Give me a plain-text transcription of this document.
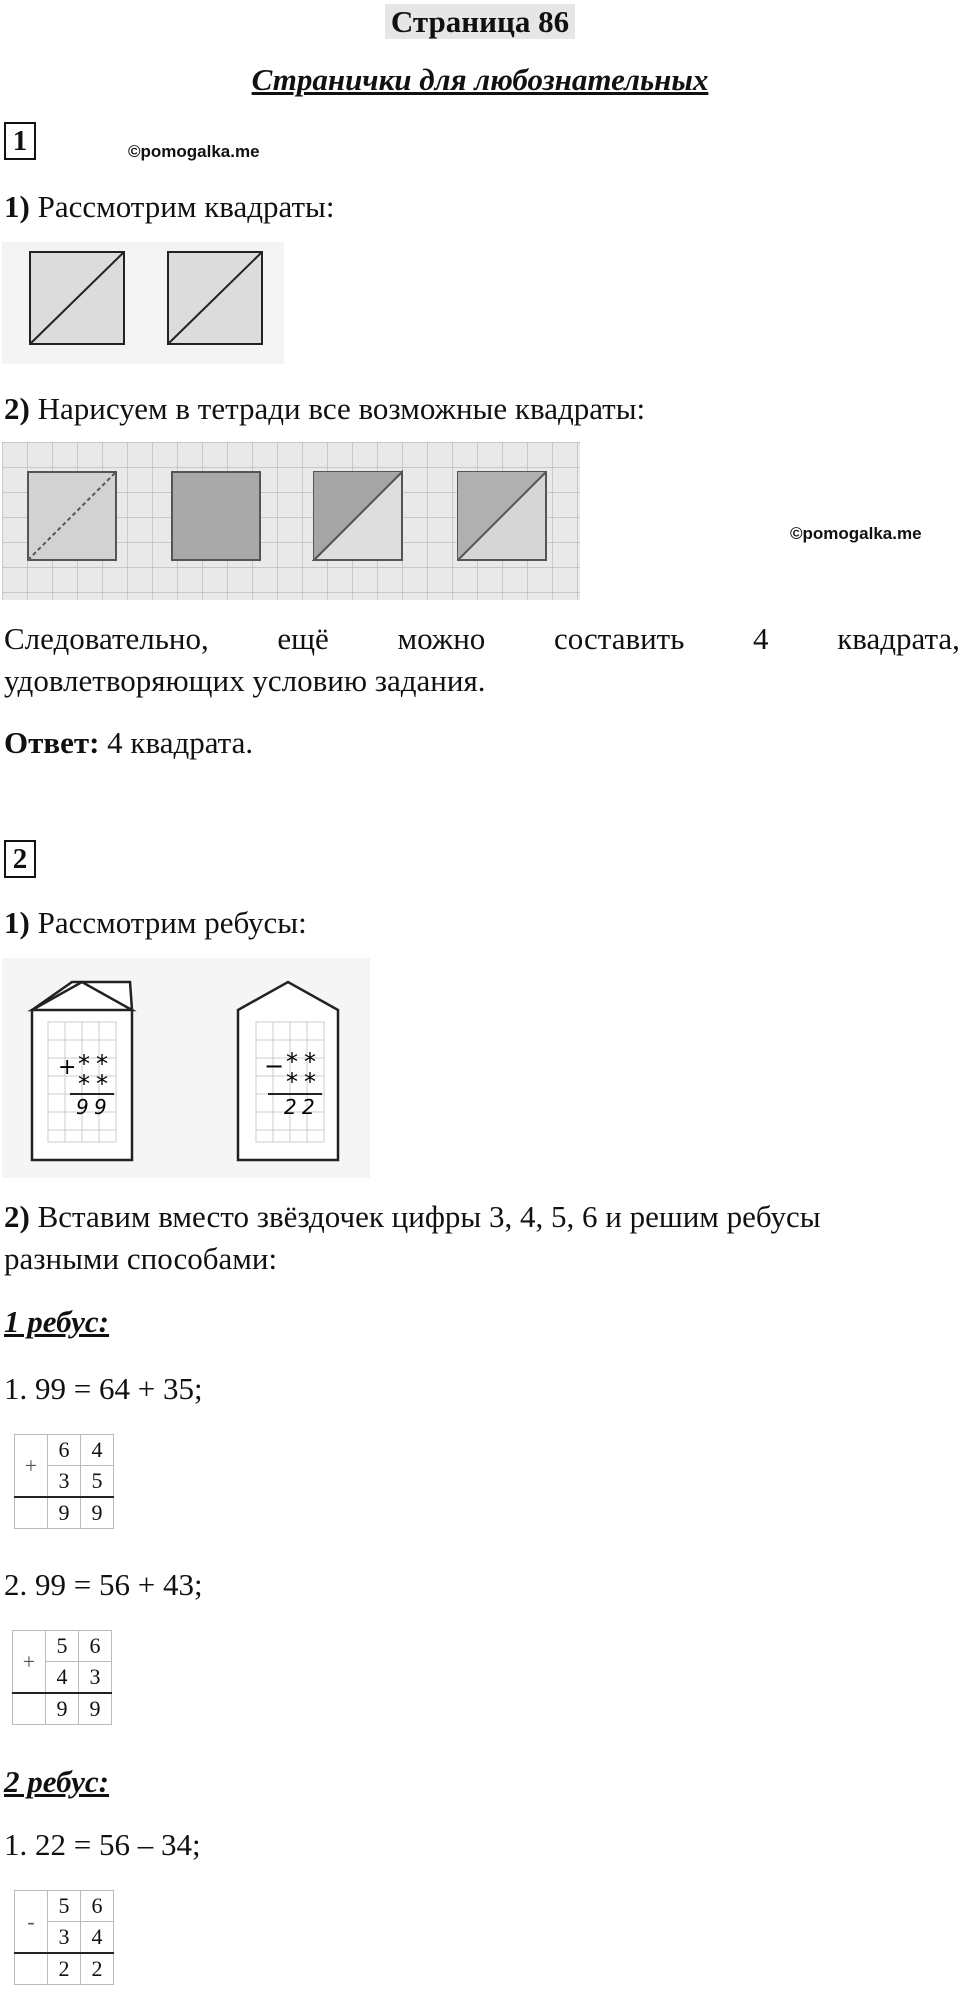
Страница 86
Странички для любознательных
1	©pomogalka.me
1) Рассмотрим квадраты:
2) Нарисуем в тетради все возможные квадраты:
©pomogalka.me
Следовательно, ещё можно составить 4 квадрата,
удовлетворяющих условию задания.
Ответ: 4 квадрата.
2
1) Рассмотрим ребусы:
+ * *
* *
9 9
− * *
* *
2 2
2) Вставим вместо звёздочек цифры 3, 4, 5, 6 и решим ребусы
разными способами:
1 ребус:
1. 99 = 64 + 35;
+	6	4
	3	5
	9	9
2. 99 = 56 + 43;
+	5	6
	4	3
	9	9
2 ребус:
1. 22 = 56 – 34;
-	5	6
	3	4
	2	2
